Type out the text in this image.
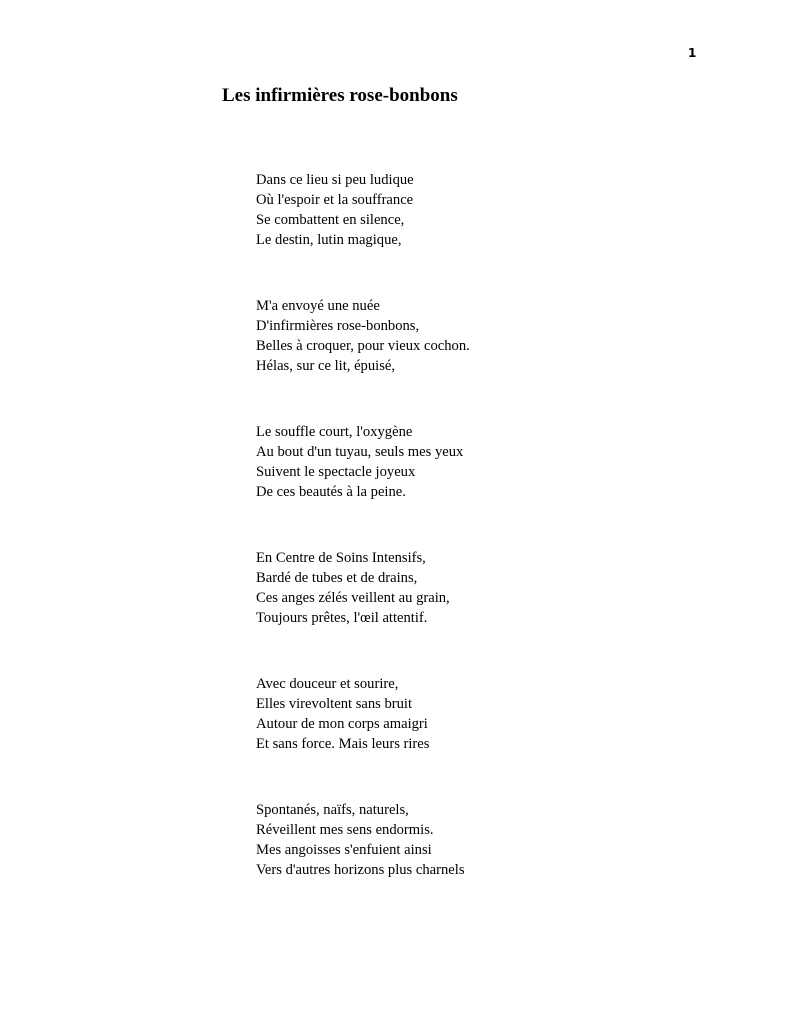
1
Les infirmières rose-bonbons
Dans ce lieu si peu ludique
Où l'espoir et la souffrance
Se combattent en silence,
Le destin, lutin magique,
M'a envoyé une nuée
D'infirmières rose-bonbons,
Belles à croquer, pour vieux cochon.
Hélas, sur ce lit, épuisé,
Le souffle court, l'oxygène
Au bout d'un tuyau, seuls mes yeux
Suivent le spectacle joyeux
De ces beautés à la peine.
En Centre de Soins Intensifs,
Bardé de tubes et de drains,
Ces anges zélés veillent au grain,
Toujours prêtes, l'œil attentif.
Avec douceur et sourire,
Elles virevoltent sans bruit
Autour de mon corps amaigri
Et sans force. Mais leurs rires
Spontanés, naïfs, naturels,
Réveillent mes sens endormis.
Mes angoisses s'enfuient ainsi
Vers d'autres horizons plus charnels
